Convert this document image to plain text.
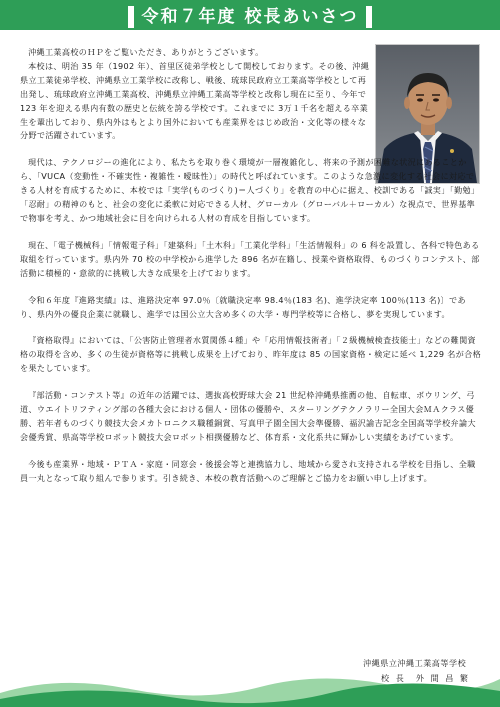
令和７年度 校長あいさつ

沖縄工業高校のＨＰをご覧いただき、ありがとうございます。

本校は、明治 35 年（1902 年）、首里区徒弟学校として開校しております。その後、沖縄県立工業徒弟学校、沖縄県立工業学校に改称し、戦後、琉球民政府立工業高等学校として再出発し、琉球政府立沖縄工業高校、沖縄県立沖縄工業高等学校と改称し現在に至り、今年で 123 年を迎える県内有数の歴史と伝統を誇る学校です。これまでに 3万１千名を超える卒業生を輩出しており、県内外はもとより国外においても産業界をはじめ政治・文化等の様々な分野で活躍されています。

現代は、テクノロジーの進化により、私たちを取り巻く環境が一層複雑化し、将来の予測が困難な状況にあることから、「VUCA（変動性・不確実性・複雑性・曖昧性）」の時代と呼ばれています。このような急激に変化する社会に対応できる人材を育成するために、本校では「実学(ものづくり)＝人づくり」を教育の中心に据え、校訓である「誠実」「勤勉」「忍耐」の精神のもと、社会の変化に柔軟に対応できる人材、グローカル（グローバル＋ローカル）な視点で、世界基準で物事を考え、かつ地域社会に目を向けられる人材の育成を目指しています。

現在、「電子機械科」「情報電子科」「建築科」「土木科」「工業化学科」「生活情報科」の 6 科を設置し、各科で特色ある取組を行っています。県内外 70 校の中学校から進学した 896 名が在籍し、授業や資格取得、ものづくりコンテスト、部活動に積極的・意欲的に挑戦し大きな成果を上げております。

令和６年度『進路実績』は、進路決定率 97.0％〔就職決定率 98.4％(183 名)、進学決定率 100％(113 名)〕であり、県内外の優良企業に就職し、進学では国公立大含め多くの大学・専門学校等に合格し、夢を実現しています。

『資格取得』においては、「公害防止管理者水質関係４種」や「応用情報技術者」「２級機械検査技能士」などの難関資格の取得を含め、多くの生徒が資格等に挑戦し成果を上げており、昨年度は 85 の国家資格・検定に延べ 1,229 名が合格を果たしています。

『部活動・コンテスト等』の近年の活躍では、選抜高校野球大会 21 世紀枠沖縄県推薦の他、自転車、ボウリング、弓道、ウエイトリフティング部の各種大会における個人・団体の優勝や、スターリングテクノラリー全国大会ＭＡクラス優勝、若年者ものづくり競技大会メカトロニクス職種銅賞、写真甲子園全国大会準優勝、福沢諭吉記念全国高等学校弁論大会優秀賞、県高等学校ロボット競技大会ロボット相撲優勝など、体育系・文化系共に輝かしい実績をあげています。

今後も産業界・地域・ＰＴＡ・家庭・同窓会・後援会等と連携協力し、地域から愛され支持される学校を目指し、全職員一丸となって取り組んで参ります。引き続き、本校の教育活動へのご理解とご協力をお願い申し上げます。

沖縄県立沖縄工業高等学校
校 長　外 間 昌 繁
